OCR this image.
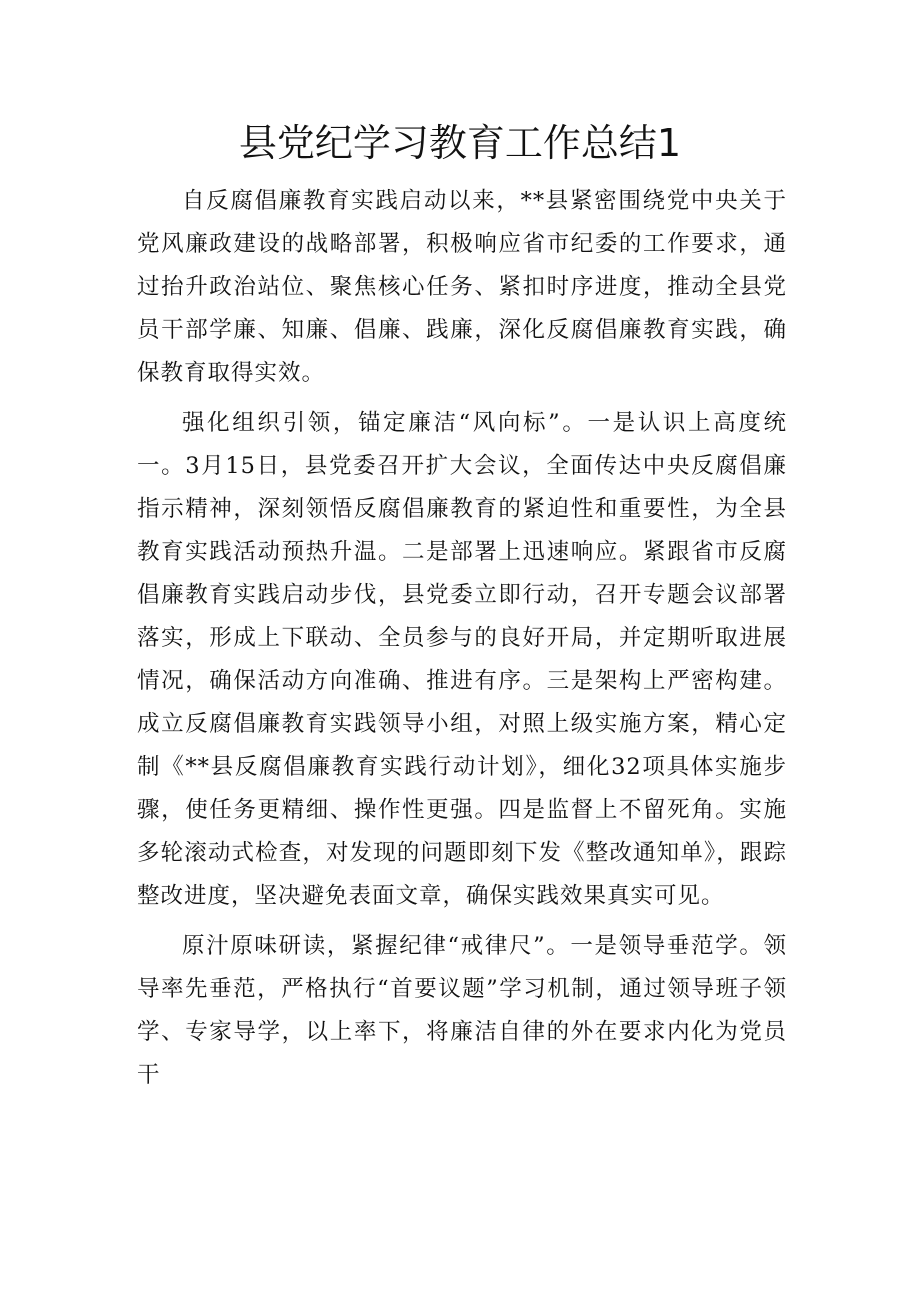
县党纪学习教育工作总结1

自反腐倡廉教育实践启动以来，**县紧密围绕党中央关于党风廉政建设的战略部署，积极响应省市纪委的工作要求，通过抬升政治站位、聚焦核心任务、紧扣时序进度，推动全县党员干部学廉、知廉、倡廉、践廉，深化反腐倡廉教育实践，确保教育取得实效。

强化组织引领，锚定廉洁“风向标”。一是认识上高度统一。3月15日，县党委召开扩大会议，全面传达中央反腐倡廉指示精神，深刻领悟反腐倡廉教育的紧迫性和重要性，为全县教育实践活动预热升温。二是部署上迅速响应。紧跟省市反腐倡廉教育实践启动步伐，县党委立即行动，召开专题会议部署落实，形成上下联动、全员参与的良好开局，并定期听取进展情况，确保活动方向准确、推进有序。三是架构上严密构建。成立反腐倡廉教育实践领导小组，对照上级实施方案，精心定制《**县反腐倡廉教育实践行动计划》，细化32项具体实施步骤，使任务更精细、操作性更强。四是监督上不留死角。实施多轮滚动式检查，对发现的问题即刻下发《整改通知单》，跟踪整改进度，坚决避免表面文章，确保实践效果真实可见。

原汁原味研读，紧握纪律“戒律尺”。一是领导垂范学。领导率先垂范，严格执行“首要议题”学习机制，通过领导班子领学、专家导学，以上率下，将廉洁自律的外在要求内化为党员干
